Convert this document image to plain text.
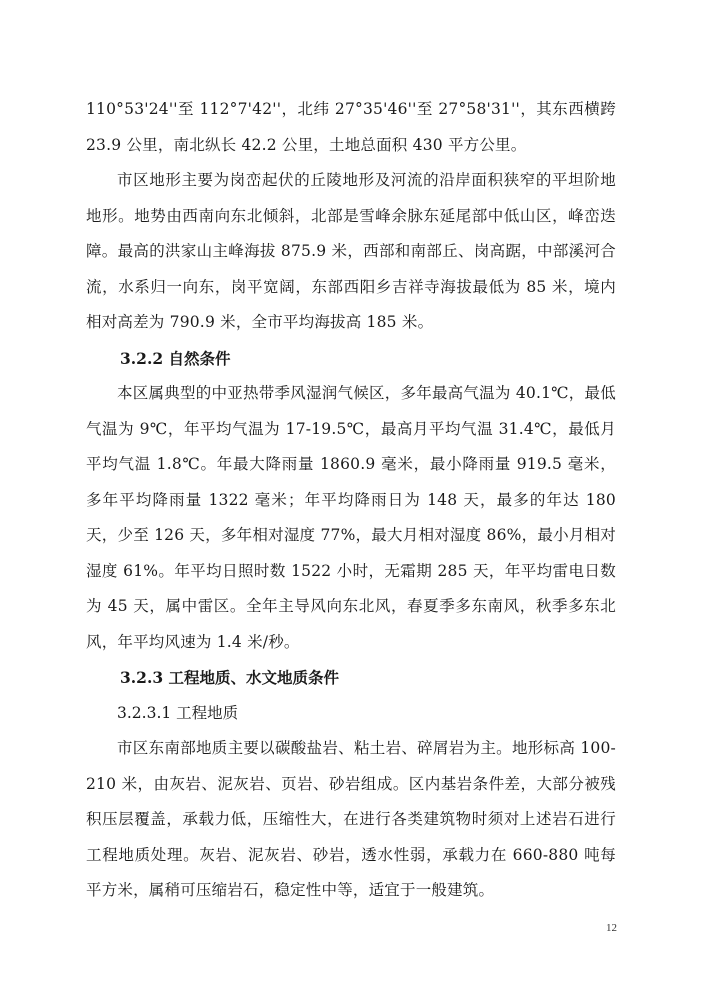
110°53'24''至 112°7'42''，北纬 27°35'46''至 27°58'31''，其东西横跨 23.9 公里，南北纵长 42.2 公里，土地总面积 430 平方公里。

市区地形主要为岗峦起伏的丘陵地形及河流的沿岸面积狭窄的平坦阶地地形。地势由西南向东北倾斜，北部是雪峰余脉东延尾部中低山区，峰峦迭障。最高的洪家山主峰海拔 875.9 米，西部和南部丘、岗高踞，中部溪河合流，水系归一向东，岗平宽阔，东部西阳乡吉祥寺海拔最低为 85 米，境内相对高差为 790.9 米，全市平均海拔高 185 米。

3.2.2 自然条件

本区属典型的中亚热带季风湿润气候区，多年最高气温为 40.1℃，最低气温为 9℃，年平均气温为 17-19.5℃，最高月平均气温 31.4℃，最低月平均气温 1.8℃。年最大降雨量 1860.9 毫米，最小降雨量 919.5 毫米，多年平均降雨量 1322 毫米；年平均降雨日为 148 天，最多的年达 180 天，少至 126 天，多年相对湿度 77%，最大月相对湿度 86%，最小月相对湿度 61%。年平均日照时数 1522 小时，无霜期 285 天，年平均雷电日数为 45 天，属中雷区。全年主导风向东北风，春夏季多东南风，秋季多东北风，年平均风速为 1.4 米/秒。

3.2.3 工程地质、水文地质条件

3.2.3.1 工程地质

市区东南部地质主要以碳酸盐岩、粘土岩、碎屑岩为主。地形标高 100-210 米，由灰岩、泥灰岩、页岩、砂岩组成。区内基岩条件差，大部分被残积压层覆盖，承载力低，压缩性大，在进行各类建筑物时须对上述岩石进行工程地质处理。灰岩、泥灰岩、砂岩，透水性弱，承载力在 660-880 吨每平方米，属稍可压缩岩石，稳定性中等，适宜于一般建筑。

12
